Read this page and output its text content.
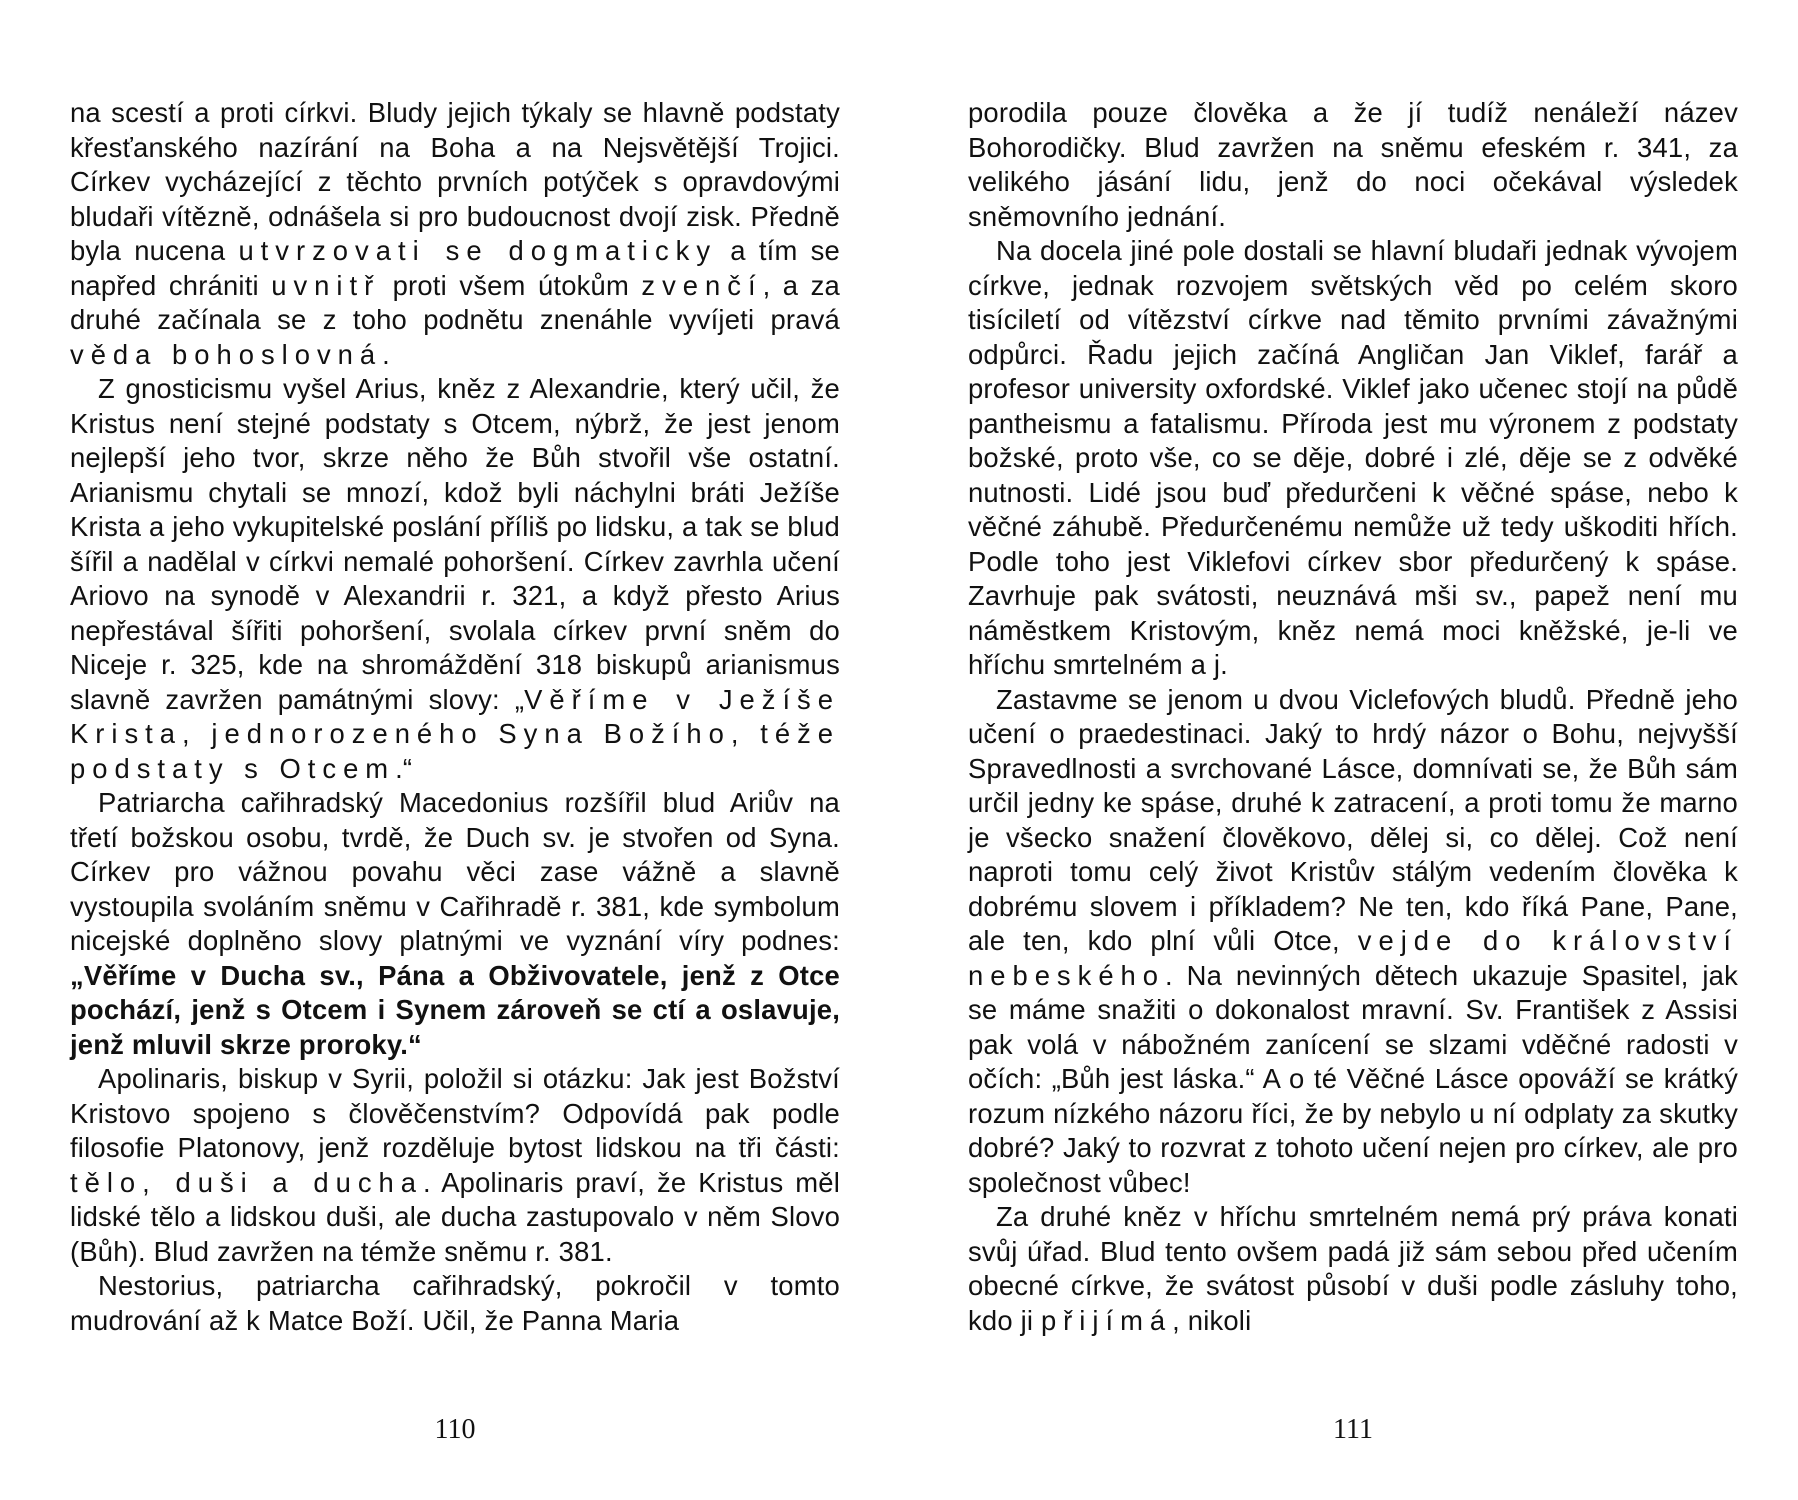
na scestí a proti církvi. Bludy jejich týkaly se hlavně podstaty křesťanského nazírání na Boha a na Nejsvětější Trojici. Církev vycházející z těchto prvních potýček s opravdovými bludaři vítězně, odnášela si pro budoucnost dvojí zisk. Předně byla nucena utvrzovati se dogmaticky a tím se napřed chrániti uvnitř proti všem útokům zvenčí, a za druhé začínala se z toho podnětu znenáhle vyvíjeti pravá věda bohoslovná.

Z gnosticismu vyšel Arius, kněz z Alexandrie, který učil, že Kristus není stejné podstaty s Otcem, nýbrž, že jest jenom nejlepší jeho tvor, skrze něho že Bůh stvořil vše ostatní. Arianismu chytali se mnozí, kdož byli náchylni bráti Ježíše Krista a jeho vykupitelské poslání příliš po lidsku, a tak se blud šířil a nadělal v církvi nemalé pohoršení. Církev zavrhla učení Ariovo na synodě v Alexandrii r. 321, a když přesto Arius nepřestával šířiti pohoršení, svolala církev první sněm do Niceje r. 325, kde na shromáždění 318 biskupů arianismus slavně zavržen památnými slovy: „Věříme v Ježíše Krista, jednorozeného Syna Božího, téže podstaty s Otcem.“

Patriarcha cařihradský Macedonius rozšířil blud Ariův na třetí božskou osobu, tvrdě, že Duch sv. je stvořen od Syna. Církev pro vážnou povahu věci zase vážně a slavně vystoupila svoláním sněmu v Cařihradě r. 381, kde symbolum nicejské doplněno slovy platnými ve vyznání víry podnes: „Věříme v Ducha sv., Pána a Obživovatele, jenž z Otce pochází, jenž s Otcem i Synem zároveň se ctí a oslavuje, jenž mluvil skrze proroky.“

Apolinaris, biskup v Syrii, položil si otázku: Jak jest Božství Kristovo spojeno s člověčenstvím? Odpovídá pak podle filosofie Platonovy, jenž rozděluje bytost lidskou na tři části: tělo, duši a ducha. Apolinaris praví, že Kristus měl lidské tělo a lidskou duši, ale ducha zastupovalo v něm Slovo (Bůh). Blud zavržen na témže sněmu r. 381.

Nestorius, patriarcha cařihradský, pokročil v tomto mudrování až k Matce Boží. Učil, že Panna Maria

110

porodila pouze člověka a že jí tudíž nenáleží název Bohorodičky. Blud zavržen na sněmu efeském r. 341, za velikého jásání lidu, jenž do noci očekával výsledek sněmovního jednání.

Na docela jiné pole dostali se hlavní bludaři jednak vývojem církve, jednak rozvojem světských věd po celém skoro tisíciletí od vítězství církve nad těmito prvními závažnými odpůrci. Řadu jejich začíná Angličan Jan Viklef, farář a profesor university oxfordské. Viklef jako učenec stojí na půdě pantheismu a fatalismu. Příroda jest mu výronem z podstaty božské, proto vše, co se děje, dobré i zlé, děje se z odvěké nutnosti. Lidé jsou buď předurčeni k věčné spáse, nebo k věčné záhubě. Předurčenému nemůže už tedy uškoditi hřích. Podle toho jest Viklefovi církev sbor předurčený k spáse. Zavrhuje pak svátosti, neuznává mši sv., papež není mu náměstkem Kristovým, kněz nemá moci kněžské, je-li ve hříchu smrtelném a j.

Zastavme se jenom u dvou Viclefových bludů. Předně jeho učení o praedestinaci. Jaký to hrdý názor o Bohu, nejvyšší Spravedlnosti a svrchované Lásce, domnívati se, že Bůh sám určil jedny ke spáse, druhé k zatracení, a proti tomu že marno je všecko snažení člověkovo, dělej si, co dělej. Což není naproti tomu celý život Kristův stálým vedením člověka k dobrému slovem i příkladem? Ne ten, kdo říká Pane, Pane, ale ten, kdo plní vůli Otce, vejde do království nebeského. Na nevinných dětech ukazuje Spasitel, jak se máme snažiti o dokonalost mravní. Sv. František z Assisi pak volá v nábožném zanícení se slzami vděčné radosti v očích: „Bůh jest láska.“ A o té Věčné Lásce opováží se krátký rozum nízkého názoru říci, že by nebylo u ní odplaty za skutky dobré? Jaký to rozvrat z tohoto učení nejen pro církev, ale pro společnost vůbec!

Za druhé kněz v hříchu smrtelném nemá prý práva konati svůj úřad. Blud tento ovšem padá již sám sebou před učením obecné církve, že svátost působí v duši podle zásluhy toho, kdo ji přijímá, nikoli

111
